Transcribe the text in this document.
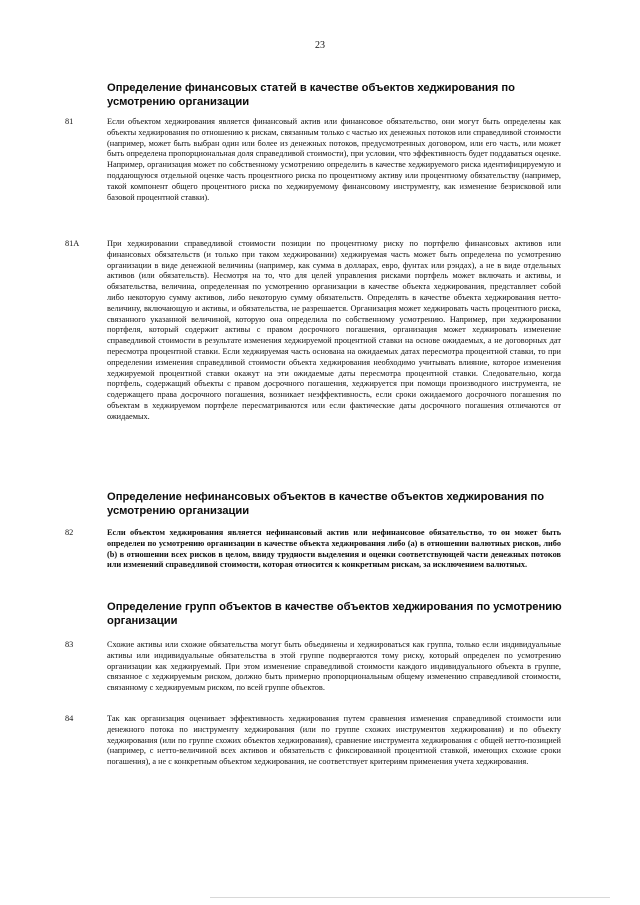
23
Определение финансовых статей в качестве объектов хеджирования по усмотрению организации
81	Если объектом хеджирования является финансовый актив или финансовое обязательство, они могут быть определены как объекты хеджирования по отношению к рискам, связанным только с частью их денежных потоков или справедливой стоимости (например, может быть выбран один или более из денежных потоков, предусмотренных договором, или его часть, или может быть определена пропорциональная доля справедливой стоимости), при условии, что эффективность будет поддаваться оценке. Например, организация может по собственному усмотрению определить в качестве хеджируемого риска идентифицируемую и поддающуюся отдельной оценке часть процентного риска по процентному активу или процентному обязательству (например, такой компонент общего процентного риска по хеджируемому финансовому инструменту, как изменение безрисковой или базовой процентной ставки).
81A	При хеджировании справедливой стоимости позиции по процентному риску по портфелю финансовых активов или финансовых обязательств (и только при таком хеджировании) хеджируемая часть может быть определена по усмотрению организации в виде денежной величины (например, как сумма в долларах, евро, фунтах или рэндах), а не в виде отдельных активов (или обязательств). Несмотря на то, что для целей управления рисками портфель может включать и активы, и обязательства, величина, определенная по усмотрению организации в качестве объекта хеджирования, представляет собой либо некоторую сумму активов, либо некоторую сумму обязательств. Определять в качестве объекта хеджирования нетто-величину, включающую и активы, и обязательства, не разрешается. Организация может хеджировать часть процентного риска, связанного указанной величиной, которую она определила по собственному усмотрению. Например, при хеджировании портфеля, который содержит активы с правом досрочного погашения, организация может хеджировать изменение справедливой стоимости в результате изменения хеджируемой процентной ставки на основе ожидаемых, а не договорных дат пересмотра процентной ставки. Если хеджируемая часть основана на ожидаемых датах пересмотра процентной ставки, то при определении изменения справедливой стоимости объекта хеджирования необходимо учитывать влияние, которое изменения хеджируемой процентной ставки окажут на эти ожидаемые даты пересмотра процентной ставки. Следовательно, когда портфель, содержащий объекты с правом досрочного погашения, хеджируется при помощи производного инструмента, не содержащего права досрочного погашения, возникает неэффективность, если сроки ожидаемого досрочного погашения по объектам в хеджируемом портфеле пересматриваются или если фактические даты досрочного погашения отличаются от ожидаемых.
Определение нефинансовых объектов в качестве объектов хеджирования по усмотрению организации
82	Если объектом хеджирования является нефинансовый актив или нефинансовое обязательство, то он может быть определен по усмотрению организации в качестве объекта хеджирования либо (а) в отношении валютных рисков, либо (b) в отношении всех рисков в целом, ввиду трудности выделения и оценки соответствующей части денежных потоков или изменений справедливой стоимости, которая относится к конкретным рискам, за исключением валютных.
Определение групп объектов в качестве объектов хеджирования по усмотрению организации
83	Схожие активы или схожие обязательства могут быть объединены и хеджироваться как группа, только если индивидуальные активы или индивидуальные обязательства в этой группе подвергаются тому риску, который определен по усмотрению организации как хеджируемый. При этом изменение справедливой стоимости каждого индивидуального объекта в группе, связанное с хеджируемым риском, должно быть примерно пропорциональным общему изменению справедливой стоимости, связанному с хеджируемым риском, по всей группе объектов.
84	Так как организация оценивает эффективность хеджирования путем сравнения изменения справедливой стоимости или денежного потока по инструменту хеджирования (или по группе схожих инструментов хеджирования) и по объекту хеджирования (или по группе схожих объектов хеджирования), сравнение инструмента хеджирования с общей нетто-позицией (например, с нетто-величиной всех активов и обязательств с фиксированной процентной ставкой, имеющих схожие сроки погашения), а не с конкретным объектом хеджирования, не соответствует критериям применения учета хеджирования.
